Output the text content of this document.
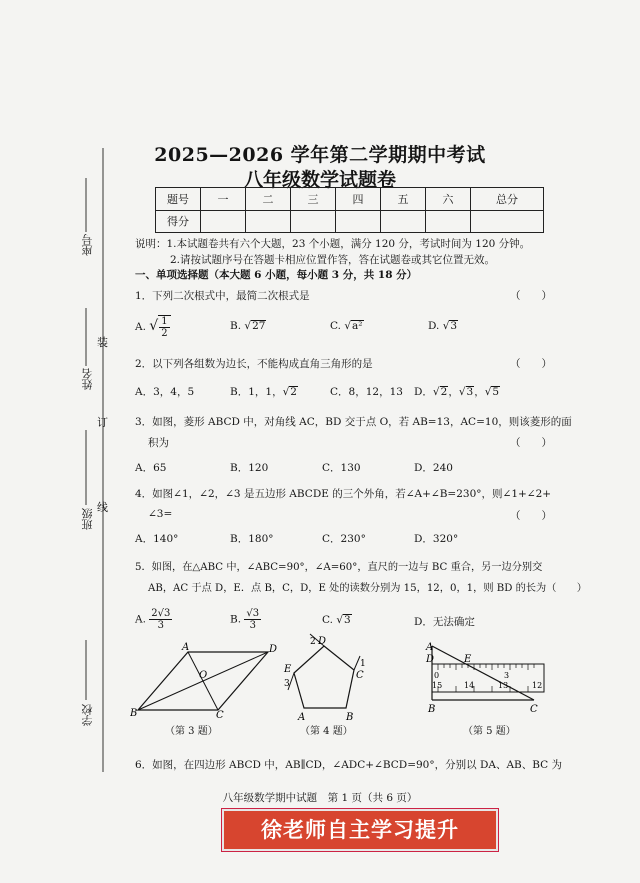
座号
姓名
班级
学校
装
订
线
2025—2026 学年第二学期期中考试
八年级数学试题卷
题号	一	二	三	四	五	六	总分
得分							
说明：1.本试题卷共有六个大题，23 个小题，满分 120 分，考试时间为 120 分钟。
2.请按试题序号在答题卡相应位置作答，答在试题卷或其它位置无效。
一、单项选择题（本大题 6 小题，每小题 3 分，共 18 分）
1．下列二次根式中，最简二次根式是	（　　）
A. √ $\frac{1}{2}$	B. √27	C. √a²	D. √3
2．以下列各组数为边长，不能构成直角三角形的是	（　　）
A．3，4，5	B．1，1，√2	C．8，12，13 D．√2，√3，√5
3．如图，菱形 ABCD 中，对角线 AC，BD 交于点 O，若 AB=13，AC=10，则该菱形的面
积为	（　　）
A．65	B．120	C．130	D．240
4．如图∠1，∠2，∠3 是五边形 ABCDE 的三个外角，若∠A+∠B=230°，则∠1+∠2+
∠3=	（　　）
A．140°	B．180°	C．230°	D．320°
5．如图，在△ABC 中，∠ABC=90°，∠A=60°，直尺的一边与 BC 重合，另一边分别交
AB，AC 于点 D，E．点 B，C，D，E 处的读数分别为 15，12，0，1，则 BD 的长为（　　）
A. $\frac{2√3}{3}$	B. $\frac{√3}{3}$	C. √3	D．无法确定
A	D
B	C
O
（第 3 题）
D
C
B
A
E
2
1
3
（第 4 题）
0
15	14	13
3
12
A
D	E
B	C
（第 5 题）
6．如图，在四边形 ABCD 中，AB∥CD，∠ADC+∠BCD=90°，分别以 DA、AB、BC 为
八年级数学期中试题　第 1 页（共 6 页）
徐老师自主学习提升
